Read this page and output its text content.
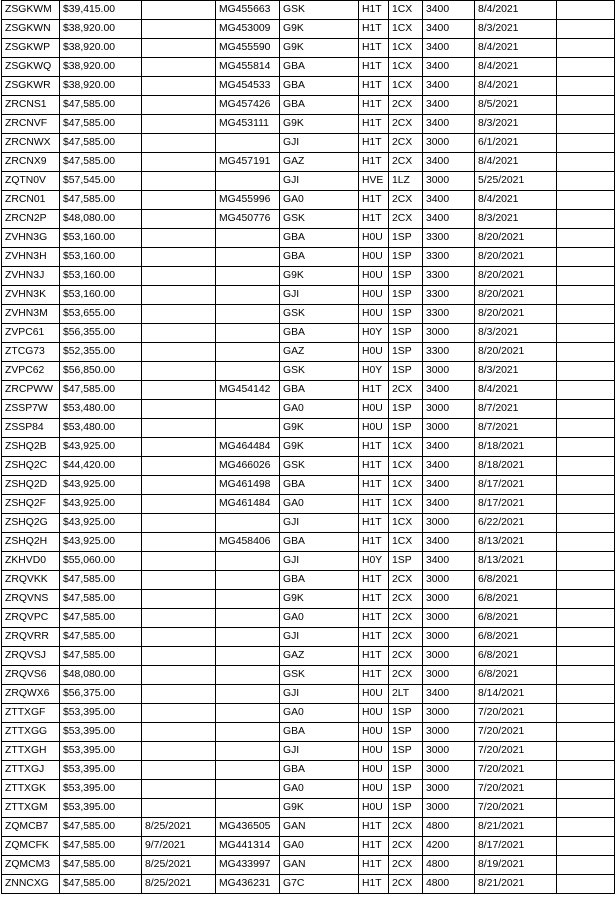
ZSGKWM	$39,415.00		MG455663	GSK	H1T	1CX	3400	8/4/2021	
ZSGKWN	$38,920.00		MG453009	G9K	H1T	1CX	3400	8/3/2021	
ZSGKWP	$38,920.00		MG455590	G9K	H1T	1CX	3400	8/4/2021	
ZSGKWQ	$38,920.00		MG455814	GBA	H1T	1CX	3400	8/4/2021	
ZSGKWR	$38,920.00		MG454533	GBA	H1T	1CX	3400	8/4/2021	
ZRCNS1	$47,585.00		MG457426	GBA	H1T	2CX	3400	8/5/2021	
ZRCNVF	$47,585.00		MG453111	G9K	H1T	2CX	3400	8/3/2021	
ZRCNWX	$47,585.00			GJI	H1T	2CX	3000	6/1/2021	
ZRCNX9	$47,585.00		MG457191	GAZ	H1T	2CX	3400	8/4/2021	
ZQTN0V	$57,545.00			GJI	HVE	1LZ	3000	5/25/2021	
ZRCN01	$47,585.00		MG455996	GA0	H1T	2CX	3400	8/4/2021	
ZRCN2P	$48,080.00		MG450776	GSK	H1T	2CX	3400	8/3/2021	
ZVHN3G	$53,160.00			GBA	H0U	1SP	3300	8/20/2021	
ZVHN3H	$53,160.00			GBA	H0U	1SP	3300	8/20/2021	
ZVHN3J	$53,160.00			G9K	H0U	1SP	3300	8/20/2021	
ZVHN3K	$53,160.00			GJI	H0U	1SP	3300	8/20/2021	
ZVHN3M	$53,655.00			GSK	H0U	1SP	3300	8/20/2021	
ZVPC61	$56,355.00			GBA	H0Y	1SP	3000	8/3/2021	
ZTCG73	$52,355.00			GAZ	H0U	1SP	3300	8/20/2021	
ZVPC62	$56,850.00			GSK	H0Y	1SP	3000	8/3/2021	
ZRCPWW	$47,585.00		MG454142	GBA	H1T	2CX	3400	8/4/2021	
ZSSP7W	$53,480.00			GA0	H0U	1SP	3000	8/7/2021	
ZSSP84	$53,480.00			G9K	H0U	1SP	3000	8/7/2021	
ZSHQ2B	$43,925.00		MG464484	G9K	H1T	1CX	3400	8/18/2021	
ZSHQ2C	$44,420.00		MG466026	GSK	H1T	1CX	3400	8/18/2021	
ZSHQ2D	$43,925.00		MG461498	GBA	H1T	1CX	3400	8/17/2021	
ZSHQ2F	$43,925.00		MG461484	GA0	H1T	1CX	3400	8/17/2021	
ZSHQ2G	$43,925.00			GJI	H1T	1CX	3000	6/22/2021	
ZSHQ2H	$43,925.00		MG458406	GBA	H1T	1CX	3400	8/13/2021	
ZKHVD0	$55,060.00			GJI	H0Y	1SP	3400	8/13/2021	
ZRQVKK	$47,585.00			GBA	H1T	2CX	3000	6/8/2021	
ZRQVNS	$47,585.00			G9K	H1T	2CX	3000	6/8/2021	
ZRQVPC	$47,585.00			GA0	H1T	2CX	3000	6/8/2021	
ZRQVRR	$47,585.00			GJI	H1T	2CX	3000	6/8/2021	
ZRQVSJ	$47,585.00			GAZ	H1T	2CX	3000	6/8/2021	
ZRQVS6	$48,080.00			GSK	H1T	2CX	3000	6/8/2021	
ZRQWX6	$56,375.00			GJI	H0U	2LT	3400	8/14/2021	
ZTTXGF	$53,395.00			GA0	H0U	1SP	3000	7/20/2021	
ZTTXGG	$53,395.00			GBA	H0U	1SP	3000	7/20/2021	
ZTTXGH	$53,395.00			GJI	H0U	1SP	3000	7/20/2021	
ZTTXGJ	$53,395.00			GBA	H0U	1SP	3000	7/20/2021	
ZTTXGK	$53,395.00			GA0	H0U	1SP	3000	7/20/2021	
ZTTXGM	$53,395.00			G9K	H0U	1SP	3000	7/20/2021	
ZQMCB7	$47,585.00	8/25/2021	MG436505	GAN	H1T	2CX	4800	8/21/2021	
ZQMCFK	$47,585.00	9/7/2021	MG441314	GA0	H1T	2CX	4200	8/17/2021	
ZQMCM3	$47,585.00	8/25/2021	MG433997	GAN	H1T	2CX	4800	8/19/2021	
ZNNCXG	$47,585.00	8/25/2021	MG436231	G7C	H1T	2CX	4800	8/21/2021	
